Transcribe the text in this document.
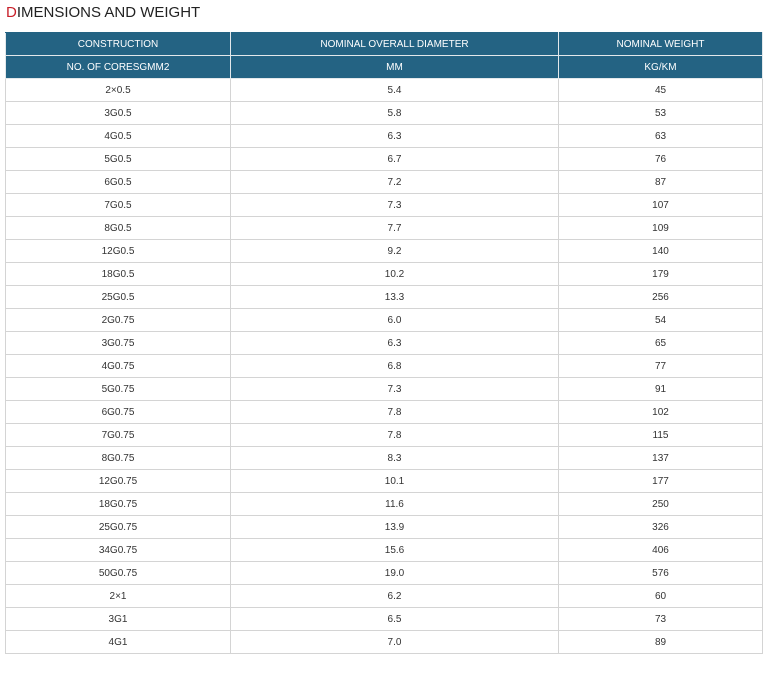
DIMENSIONS AND WEIGHT
CONSTRUCTION	NOMINAL OVERALL DIAMETER	NOMINAL WEIGHT
NO. OF CORESGMM2	MM	KG/KM
2×0.5	5.4	45
3G0.5	5.8	53
4G0.5	6.3	63
5G0.5	6.7	76
6G0.5	7.2	87
7G0.5	7.3	107
8G0.5	7.7	109
12G0.5	9.2	140
18G0.5	10.2	179
25G0.5	13.3	256
2G0.75	6.0	54
3G0.75	6.3	65
4G0.75	6.8	77
5G0.75	7.3	91
6G0.75	7.8	102
7G0.75	7.8	115
8G0.75	8.3	137
12G0.75	10.1	177
18G0.75	11.6	250
25G0.75	13.9	326
34G0.75	15.6	406
50G0.75	19.0	576
2×1	6.2	60
3G1	6.5	73
4G1	7.0	89
